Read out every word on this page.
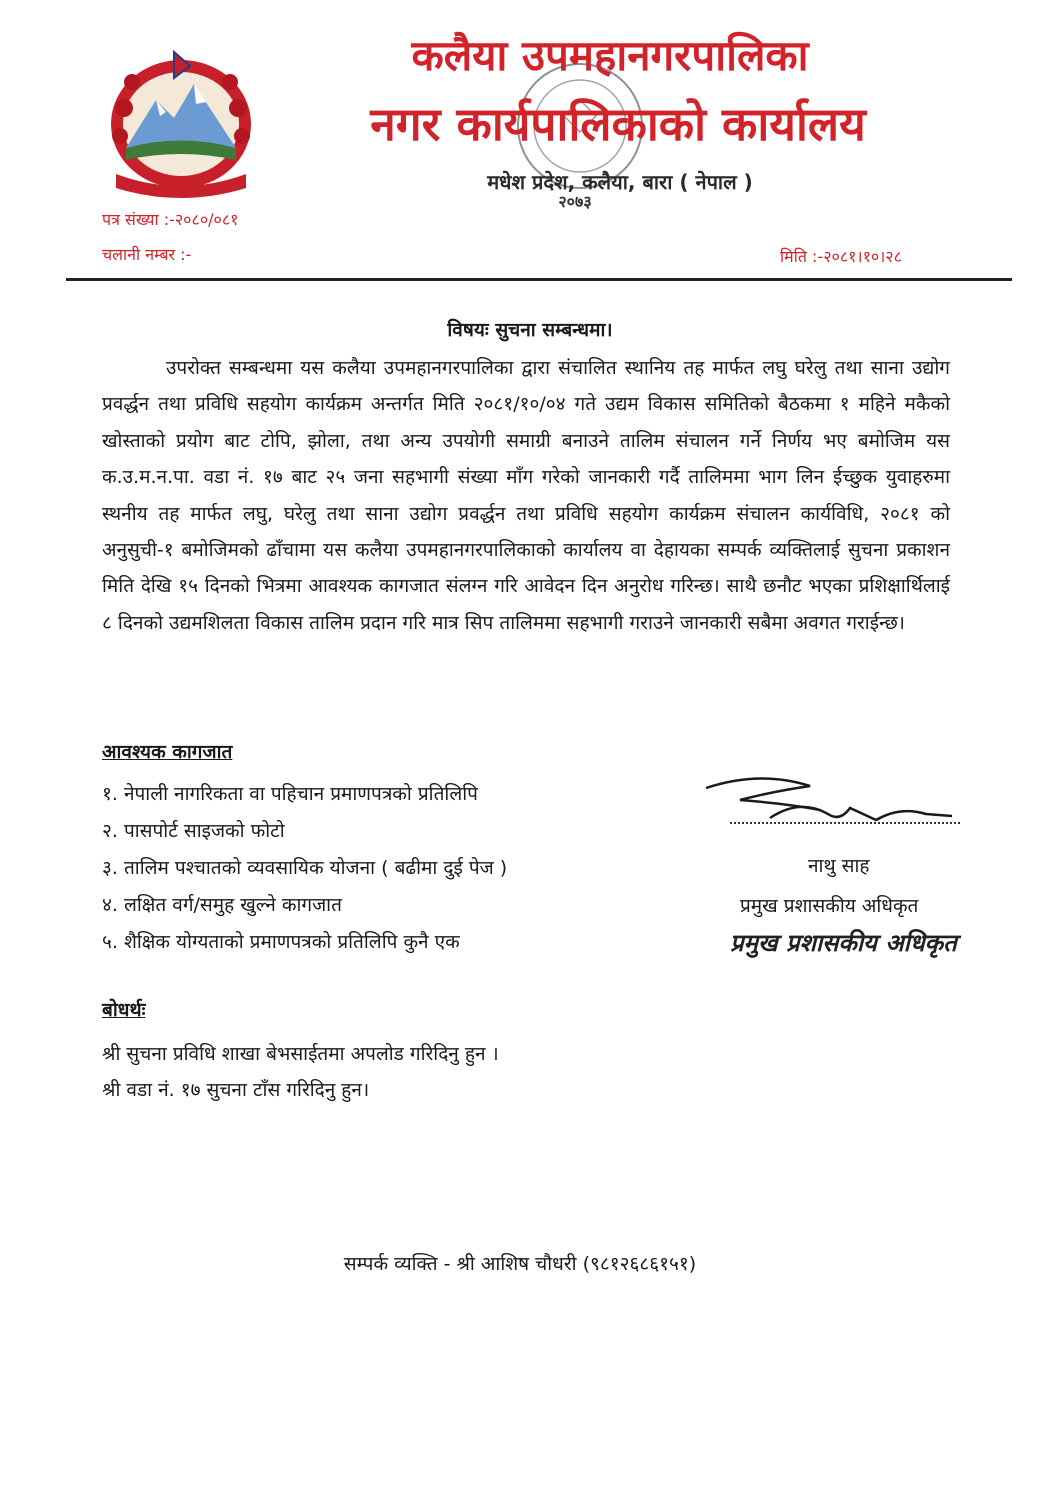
कलैया उपमहानगरपालिका
नगर कार्यपालिकाको कार्यालय
मधेश प्रदेश, कलैया, बारा ( नेपाल )
२०७३
पत्र संख्या :-२०८०/०८१
चलानी नम्बर :-	मिति :-२०८१।१०।२८
विषयः सुचना सम्बन्धमा।

उपरोक्त सम्बन्धमा यस कलैया उपमहानगरपालिका द्वारा संचालित स्थानिय तह मार्फत लघु घरेलु तथा साना उद्योग प्रवर्द्धन तथा प्रविधि सहयोग कार्यक्रम अन्तर्गत मिति २०८१/१०/०४ गते उद्यम विकास समितिको बैठकमा १ महिने मकैको खोस्ताको प्रयोग बाट टोपि, झोला, तथा अन्य उपयोगी समाग्री बनाउने तालिम संचालन गर्ने निर्णय भए बमोजिम यस क.उ.म.न.पा. वडा नं. १७ बाट २५ जना सहभागी संख्या माँग गरेको जानकारी गर्दै तालिममा भाग लिन ईच्छुक युवाहरुमा स्थनीय तह मार्फत लघु, घरेलु तथा साना उद्योग प्रवर्द्धन तथा प्रविधि सहयोग कार्यक्रम संचालन कार्यविधि, २०८१ को अनुसुची-१ बमोजिमको ढाँचामा यस कलैया उपमहानगरपालिकाको कार्यालय वा देहायका सम्पर्क व्यक्तिलाई सुचना प्रकाशन मिति देखि १५ दिनको भित्रमा आवश्यक कागजात संलग्न गरि आवेदन दिन अनुरोध गरिन्छ। साथै छनौट भएका प्रशिक्षार्थिलाई ८ दिनको उद्यमशिलता विकास तालिम प्रदान गरि मात्र सिप तालिममा सहभागी गराउने जानकारी सबैमा अवगत गराईन्छ।

आवश्यक कागजात
१. नेपाली नागरिकता वा पहिचान प्रमाणपत्रको प्रतिलिपि
२. पासपोर्ट साइजको फोटो
३. तालिम पश्चातको व्यवसायिक योजना ( बढीमा दुई पेज )
४. लक्षित वर्ग/समुह खुल्ने कागजात
५. शैक्षिक योग्यताको प्रमाणपत्रको प्रतिलिपि कुनै एक
नाथु साह
प्रमुख प्रशासकीय अधिकृत
प्रमुख प्रशासकीय अधिकृत
बोधर्थः
श्री सुचना प्रविधि शाखा बेभसाईतमा अपलोड गरिदिनु हुन ।
श्री वडा नं. १७ सुचना टाँस गरिदिनु हुन।
सम्पर्क व्यक्ति - श्री आशिष चौधरी (९८१२६८६१५१)
